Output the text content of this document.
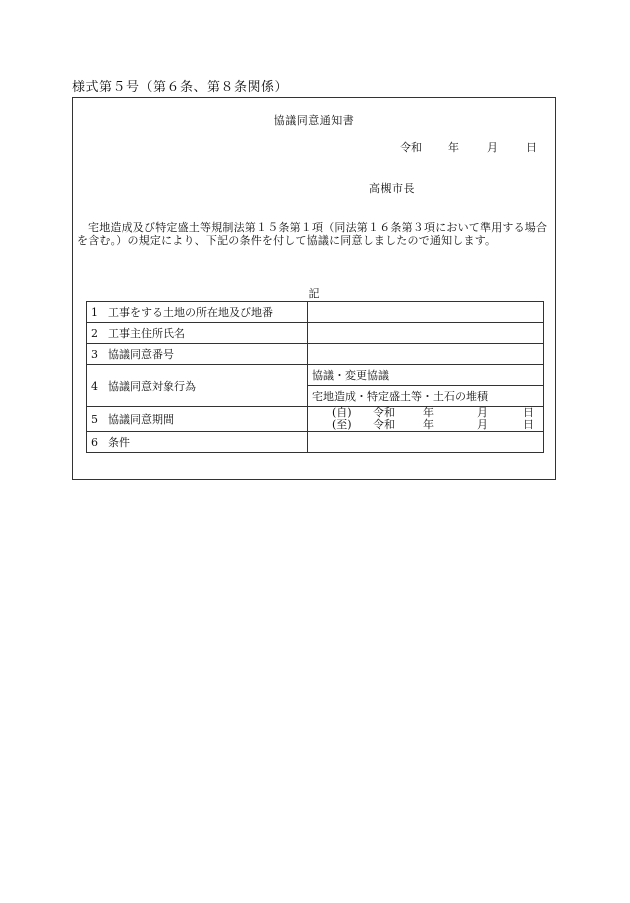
様式第５号（第６条、第８条関係）
協議同意通知書
令和 年	月	日
高槻市長
宅地造成及び特定盛土等規制法第１５条第１項（同法第１６条第３項において準用する場合を含む。）の規定により、下記の条件を付して協議に同意しましたので通知します。
記
1 工事をする土地の所在地及び地番	
2 工事主住所氏名	
3 協議同意番号	
4 協議同意対象行為	協議・変更協議
	宅地造成・特定盛土等・土石の堆積
5 協議同意期間	(自) 令和 年 月 日
(至) 令和 年 月 日

6 条件	
